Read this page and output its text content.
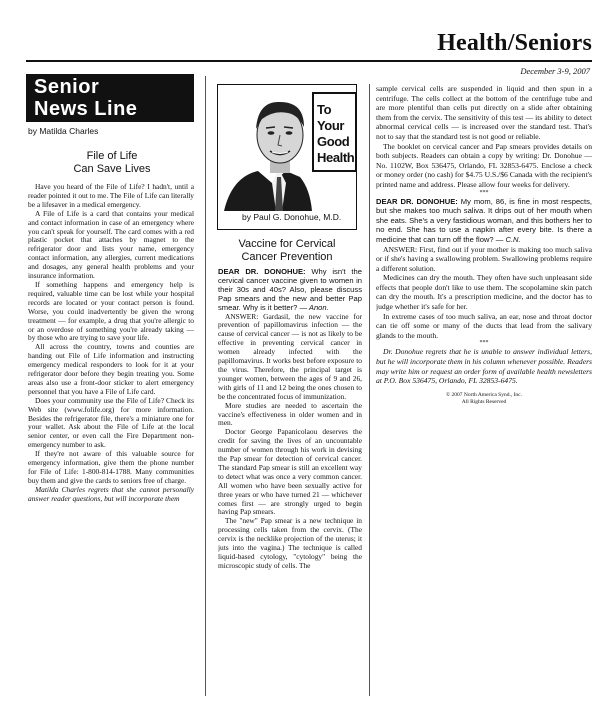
Health/Seniors
December 3-9, 2007
Senior
News Line
by Matilda Charles
File of Life
Can Save Lives

Have you heard of the File of Life? I hadn't, until a reader pointed it out to me. The File of Life can literally be a lifesaver in a medical emergency.

A File of Life is a card that contains your medical and contact information in case of an emergency where you can't speak for yourself. The card comes with a red plastic pocket that attaches by magnet to the refrigerator door and lists your name, emergency contact information, any allergies, current medications and dosages, any general health problems and your insurance information.

If something happens and emergency help is required, valuable time can be lost while your hospital records are located or your contact person is found. Worse, you could inadvertently be given the wrong treatment — for example, a drug that you're allergic to or an overdose of something you're already taking — by those who are trying to save your life.

All across the country, towns and counties are handing out File of Life information and instructing emergency medical responders to look for it at your refrigerator door before they begin treating you. Some areas also use a front-door sticker to alert emergency personnel that you have a File of Life card.

Does your community use the File of Life? Check its Web site (www.folife.org) for more information. Besides the refrigerator file, there's a miniature one for your wallet. Ask about the File of Life at the local senior center, or even call the Fire Department non-emergency number to ask.

If they're not aware of this valuable source for emergency information, give them the phone number for File of Life: 1-800-814-1788. Many communities buy them and give the cards to seniors free of charge.

Matilda Charles regrets that she cannot personally answer reader questions, but will incorporate them

by Paul G. Donohue, M.D.
To Your
Good
Health
Vaccine for Cervical
Cancer Prevention

DEAR DR. DONOHUE: Why isn't the cervical cancer vaccine given to women in their 30s and 40s? Also, please discuss Pap smears and the new and better Pap smear. Why is it better? — Anon.

ANSWER: Gardasil, the new vaccine for prevention of papillomavirus infection — the cause of cervical cancer — is not as likely to be effective in preventing cervical cancer in women already infected with the papillomavirus. It works best before exposure to the virus. Therefore, the principal target is younger women, between the ages of 9 and 26, with girls of 11 and 12 being the ones chosen to be the concentrated focus of immunization.

More studies are needed to ascertain the vaccine's effectiveness in older women and in men.

Doctor George Papanicolaou deserves the credit for saving the lives of an uncountable number of women through his work in devising the Pap smear for detection of cervical cancer. The standard Pap smear is still an excellent way to detect what was once a very common cancer. All women who have been sexually active for three years or who have turned 21 — whichever comes first — are strongly urged to begin having Pap smears.

The "new" Pap smear is a new technique in processing cells taken from the cervix. (The cervix is the necklike projection of the uterus; it juts into the vagina.) The technique is called liquid-based cytology, "cytology" being the microscopic study of cells. The

sample cervical cells are suspended in liquid and then spun in a centrifuge. The cells collect at the bottom of the centrifuge tube and are more plentiful than cells put directly on a slide after obtaining them from the cervix. The sensitivity of this test — its ability to detect abnormal cervical cells — is increased over the standard test. That's not to say that the standard test is not good or reliable.

The booklet on cervical cancer and Pap smears provides details on both subjects. Readers can obtain a copy by writing: Dr. Donohue — No. 1102W, Box 536475, Orlando, FL 32853-6475. Enclose a check or money order (no cash) for $4.75 U.S./$6 Canada with the recipient's printed name and address. Please allow four weeks for delivery.

***

DEAR DR. DONOHUE: My mom, 86, is fine in most respects, but she makes too much saliva. It drips out of her mouth when she eats. She's a very fastidious woman, and this bothers her to no end. She has to use a napkin after every bite. Is there a medicine that can turn off the flow? — C.N.

ANSWER: First, find out if your mother is making too much saliva or if she's having a swallowing problem. Swallowing problems require a different solution.

Medicines can dry the mouth. They often have such unpleasant side effects that people don't like to use them. The scopolamine skin patch can dry the mouth. It's a prescription medicine, and the doctor has to judge whether it's safe for her.

In extreme cases of too much saliva, an ear, nose and throat doctor can tie off some or many of the ducts that lead from the salivary glands to the mouth.

***

Dr. Donohue regrets that he is unable to answer individual letters, but he will incorporate them in his column whenever possible. Readers may write him or request an order form of available health newsletters at P.O. Box 536475, Orlando, FL 32853-6475.

© 2007 North America Synd., Inc.
All Rights Reserved
